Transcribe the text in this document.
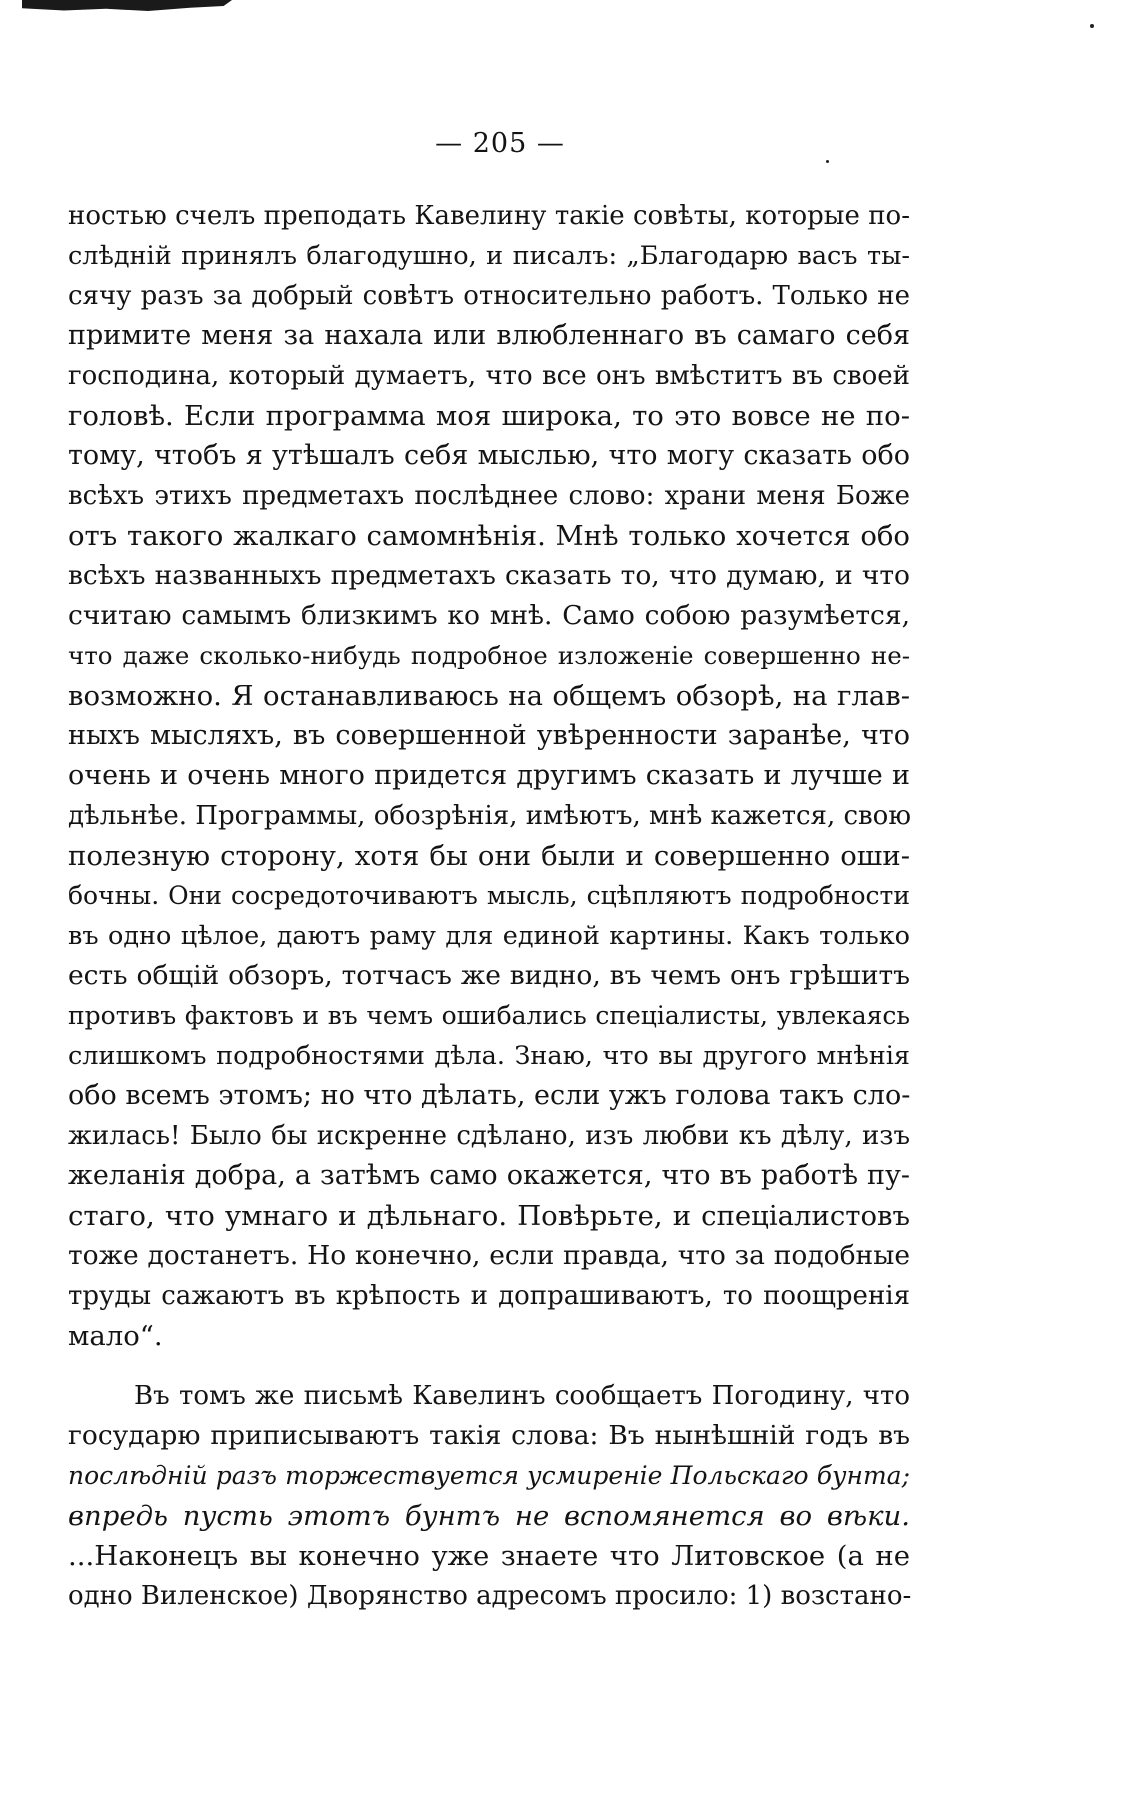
— 205 —
ностью счелъ преподать Кавелину такіе совѣты, которые по-
слѣдній принялъ благодушно, и писалъ: „Благодарю васъ ты-
сячу разъ за добрый совѣтъ относительно работъ. Только не
примите меня за нахала или влюбленнаго въ самаго себя
господина, который думаетъ, что все онъ вмѣститъ въ своей
головѣ. Если программа моя широка, то это вовсе не по-
тому, чтобъ я утѣшалъ себя мыслью, что могу сказать обо
всѣхъ этихъ предметахъ послѣднее слово: храни меня Боже
отъ такого жалкаго самомнѣнія. Мнѣ только хочется обо
всѣхъ названныхъ предметахъ сказать то, что думаю, и что
считаю самымъ близкимъ ко мнѣ. Само собою разумѣется,
что даже сколько-нибудь подробное изложеніе совершенно не-
возможно. Я останавливаюсь на общемъ обзорѣ, на глав-
ныхъ мысляхъ, въ совершенной увѣренности заранѣе, что
очень и очень много придется другимъ сказать и лучше и
дѣльнѣе. Программы, обозрѣнія, имѣютъ, мнѣ кажется, свою
полезную сторону, хотя бы они были и совершенно оши-
бочны. Они сосредоточиваютъ мысль, сцѣпляютъ подробности
въ одно цѣлое, даютъ раму для единой картины. Какъ только
есть общій обзоръ, тотчасъ же видно, въ чемъ онъ грѣшитъ
противъ фактовъ и въ чемъ ошибались спеціалисты, увлекаясь
слишкомъ подробностями дѣла. Знаю, что вы другого мнѣнія
обо всемъ этомъ; но что дѣлать, если ужъ голова такъ сло-
жилась! Было бы искренне сдѣлано, изъ любви къ дѣлу, изъ
желанія добра, а затѣмъ само окажется, что въ работѣ пу-
стаго, что умнаго и дѣльнаго. Повѣрьте, и спеціалистовъ
тоже достанетъ. Но конечно, если правда, что за подобные
труды сажаютъ въ крѣпость и допрашиваютъ, то поощренія
мало“.
Въ томъ же письмѣ Кавелинъ сообщаетъ Погодину, что
государю приписываютъ такія слова: Въ нынѣшній годъ въ
послѣдній разъ торжествуется усмиреніе Польскаго бунта;
впредь пусть этотъ бунтъ не вспомянется во вѣки.
...Наконецъ вы конечно уже знаете что Литовское (а не
одно Виленское) Дворянство адресомъ просило: 1) возстано-
